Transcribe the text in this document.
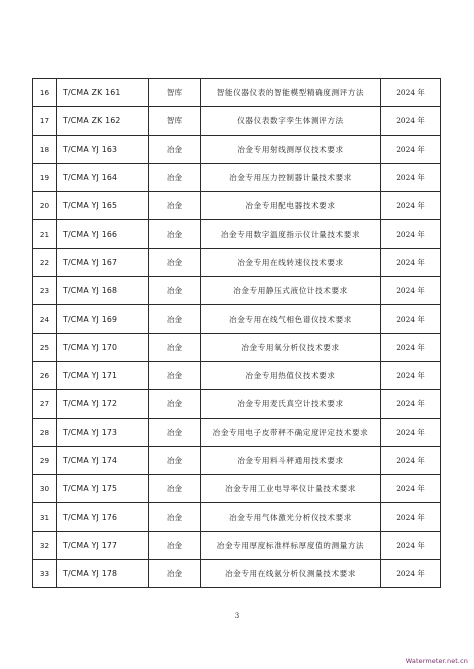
16	T/CMA ZK 161	智库	智能仪器仪表的智能模型精确度测评方法	2024 年
17	T/CMA ZK 162	智库	仪器仪表数字孪生体测评方法	2024 年
18	T/CMA YJ 163	冶金	冶金专用射线测厚仪技术要求	2024 年
19	T/CMA YJ 164	冶金	冶金专用压力控制器计量技术要求	2024 年
20	T/CMA YJ 165	冶金	冶金专用配电器技术要求	2024 年
21	T/CMA YJ 166	冶金	冶金专用数字温度指示仪计量技术要求	2024 年
22	T/CMA YJ 167	冶金	冶金专用在线转速仪技术要求	2024 年
23	T/CMA YJ 168	冶金	冶金专用静压式液位计技术要求	2024 年
24	T/CMA YJ 169	冶金	冶金专用在线气相色谱仪技术要求	2024 年
25	T/CMA YJ 170	冶金	冶金专用氧分析仪技术要求	2024 年
26	T/CMA YJ 171	冶金	冶金专用热值仪技术要求	2024 年
27	T/CMA YJ 172	冶金	冶金专用麦氏真空计技术要求	2024 年
28	T/CMA YJ 173	冶金	冶金专用电子皮带秤不确定度评定技术要求	2024 年
29	T/CMA YJ 174	冶金	冶金专用料斗秤通用技术要求	2024 年
30	T/CMA YJ 175	冶金	冶金专用工业电导率仪计量技术要求	2024 年
31	T/CMA YJ 176	冶金	冶金专用气体激光分析仪技术要求	2024 年
32	T/CMA YJ 177	冶金	冶金专用厚度标准样标厚度值的测量方法	2024 年
33	T/CMA YJ 178	冶金	冶金专用在线氨分析仪测量技术要求	2024 年
3
Watermeter.net.cn
